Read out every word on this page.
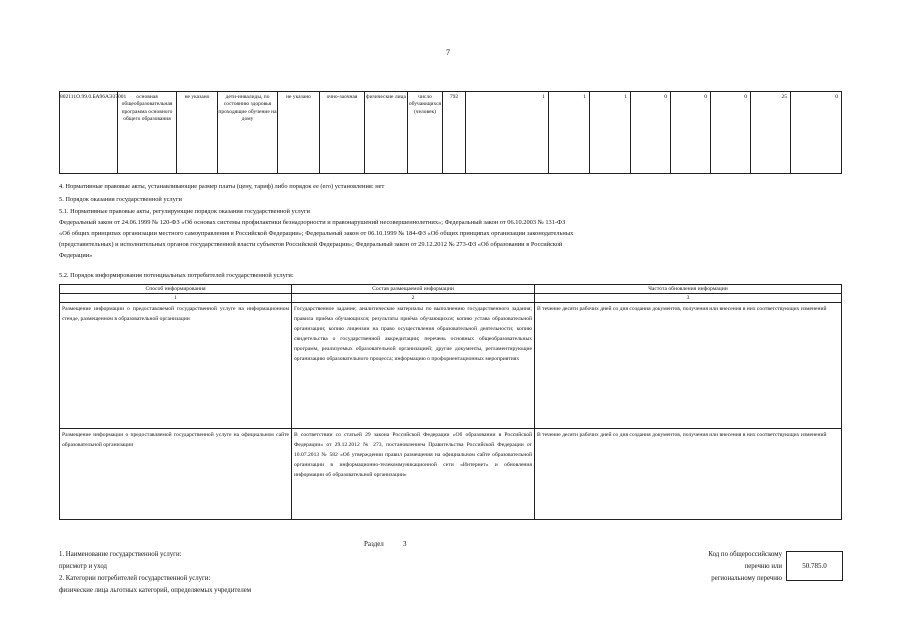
7
802111О.99.0.БА96АЭ37001	основная общеобразовательная программа основного общего образования	не указано	дети-инвалиды, по состоянию здоровья проходящие обучение на дому	не указано	очно-заочная	физические лица	число обучающихся (человек)	792	1	1	1	0	0	0	25	0
4. Нормативные правовые акты, устанавливающие размер платы (цену, тариф) либо порядок ее (его) установления: нет
5. Порядок оказания государственной услуги
5.1. Нормативные правовые акты, регулирующие порядок оказания государственной услуги
Федеральный закон от 24.06.1999 № 120-ФЗ «Об основах системы профилактики безнадзорности и правонарушений несовершеннолетних»; Федеральный закон от 06.10.2003 № 131-ФЗ
«Об общих принципах организации местного самоуправления в Российской Федерации»; Федеральный закон от 06.10.1999 № 184-ФЗ «Об общих принципах организации законодательных
(представительных) и исполнительных органов государственной власти субъектов Российской Федерации»; Федеральный закон от 29.12.2012 № 273-ФЗ «Об образовании в Российской
Федерации»
5.2. Порядок информирования потенциальных потребителей государственной услуги:
Способ информирования	Состав размещаемой информации	Частота обновления информации
1	2	3
Размещение информации о предоставляемой государственной услуге на информационном стенде, размещенном в образовательной организации	Государственное задание; аналитические материалы по выполнению государственного задания; правила приёма обучающихся; результаты приёма обучающихся; копию устава образовательной организации; копию лицензии на право осуществления образовательной деятельности; копию свидетельства о государственной аккредитации; перечень основных общеобразовательных программ, реализуемых образовательной организацией; другие документы, регламентирующие организацию образовательного процесса; информацию о профориентационных мероприятиях	В течение десяти рабочих дней со дня создания документов, получения или внесения в них соответствующих изменений
Размещение информации о предоставляемой государственной услуге на официальном сайте образовательной организации	В соответствии со статьей 29 закона Российской Федерации «Об образовании в Российской Федерации» от 29.12.2012 № 273, постановлением Правительства Российской Федерации от 10.07.2013 № 582 «Об утверждении правил размещения на официальном сайте образовательной организации в информационно-телекоммуникационной сети «Интернет» и обновления информации об образовательной организации»	В течение десяти рабочих дней со дня создания документов, получения или внесения в них соответствующих изменений
Раздел	3
1. Наименование государственной услуги:
присмотр и уход
2. Категории потребителей государственной услуги:
физические лица льготных категорий, определяемых учредителем
Код по общероссийскому
перечню или
региональному перечню
50.785.0
